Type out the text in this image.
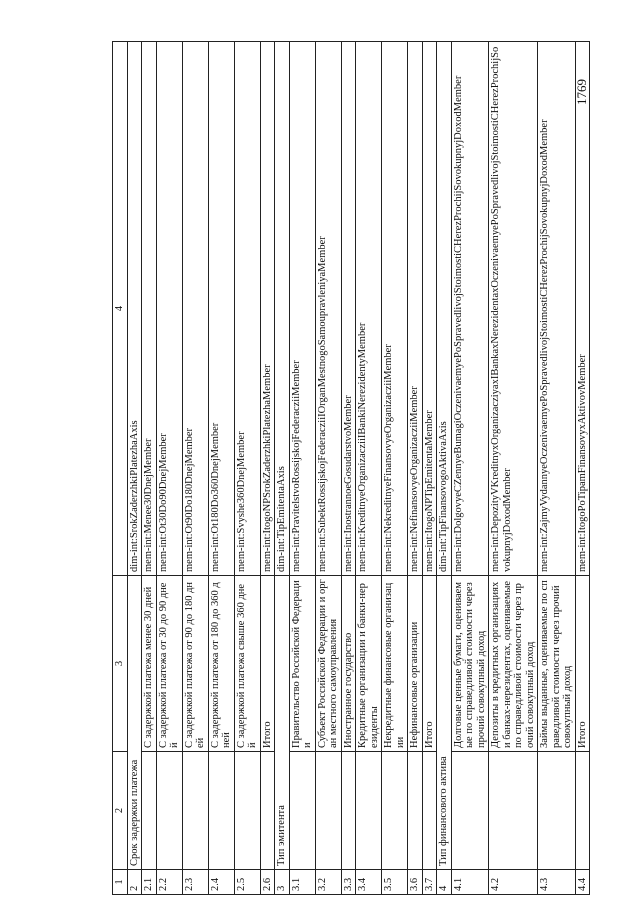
1769
1	2	3	4
2	Срок задержки платежа		dim-int:SrokZaderzhkiPlatezhaAxis
2.1		С задержкой платежа менее 30 дней	mem-int:Menee30DnejMember
2.2		С задержкой платежа от 30 до 90 дней	mem-int:Ot30Do90DnejMember
2.3		С задержкой платежа от 90 до 180 дней	mem-int:Ot90Do180DnejMember
2.4		С задержкой платежа от 180 до 360 дней	mem-int:Ot180Do360DnejMember
2.5		С задержкой платежа свыше 360 дней	mem-int:Svyshe360DnejMember
2.6		Итого	mem-int:ItogoNPSrokZaderzhkiPlatezhaMember
3	Тип эмитента		dim-int:TipEmitentaAxis
3.1		Правительство Российской Федерации	mem-int:PravitelstvoRossijskojFederacziiMember
3.2		Субъект Российской Федерации и орган местного самоуправления	mem-int:SubektRossijskojFederacziiIOrganMestnogoSamoupravleniyaMember
3.3		Иностранное государство	mem-int:InostrannoeGosudarstvoMember
3.4		Кредитные организации и банки-нерезиденты	mem-int:KreditnyeOrganizacziiIBankiNerezidentyMember
3.5		Некредитные финансовые организации	mem-int:NekreditnyeFinansovyeOrganizacziiMember
3.6		Нефинансовые организации	mem-int:NefinansovyeOrganizacziiMember
3.7		Итого	mem-int:ItogoNPTipEmitentaMember
4	Тип финансового актива		dim-int:TipFinansovogoAktivaAxis
4.1		Долговые ценные бумаги, оцениваемые по справедливой стоимости через прочий совокупный доход	mem-int:DolgovyeCZennyeBumagiOczenivaemyePoSpravedlivojStoimostiCHerezProchijSovokupnyjDoxodMember
4.2		Депозиты в кредитных организациях и банках-нерезидентах, оцениваемые по справедливой стоимости через прочий совокупный доход	mem-int:DepozityVKreditnyxOrganizacziyaxIBankaxNerezidentaxOczenivaemyePoSpravedlivojStoimostiCHerezProchijSovokupnyjDoxodMember
4.3		Займы выданные, оцениваемые по справедливой стоимости через прочий совокупный доход	mem-int:ZajmyVydannyeOczenivaemyePoSpravedlivojStoimostiCHerezProchijSovokupnyjDoxodMember
4.4		Итого	mem-int:ItogoPoTipamFinansovyxAktivovMember
